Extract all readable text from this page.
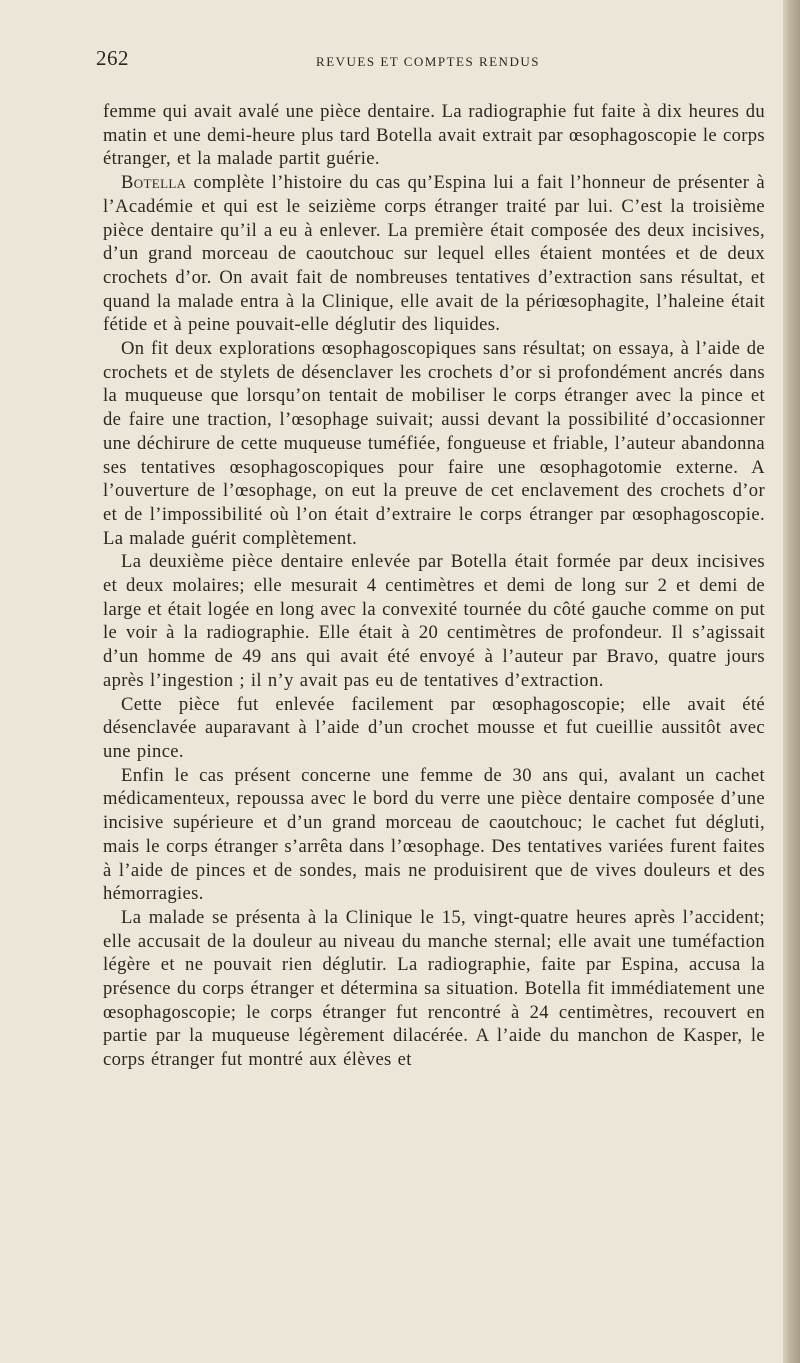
262	REVUES ET COMPTES RENDUS

femme qui avait avalé une pièce dentaire. La radiographie fut faite à dix heures du matin et une demi-heure plus tard Botella avait extrait par œsophagoscopie le corps étranger, et la malade partit guérie.

Botella complète l’histoire du cas qu’Espina lui a fait l’honneur de présenter à l’Académie et qui est le seizième corps étranger traité par lui. C’est la troisième pièce dentaire qu’il a eu à enlever. La première était composée des deux incisives, d’un grand morceau de caoutchouc sur lequel elles étaient montées et de deux crochets d’or. On avait fait de nombreuses tentatives d’extraction sans résultat, et quand la malade entra à la Clinique, elle avait de la périœsophagite, l’haleine était fétide et à peine pouvait-elle déglutir des liquides.

On fit deux explorations œsophagoscopiques sans résultat; on essaya, à l’aide de crochets et de stylets de désenclaver les crochets d’or si profondément ancrés dans la muqueuse que lorsqu’on tentait de mobiliser le corps étranger avec la pince et de faire une traction, l’œsophage suivait; aussi devant la possibilité d’occasionner une déchirure de cette muqueuse tuméfiée, fongueuse et friable, l’auteur abandonna ses tentatives œsophagoscopiques pour faire une œsophagotomie externe. A l’ouverture de l’œsophage, on eut la preuve de cet enclavement des crochets d’or et de l’impossibilité où l’on était d’extraire le corps étranger par œsophagoscopie. La malade guérit complètement.

La deuxième pièce dentaire enlevée par Botella était formée par deux incisives et deux molaires; elle mesurait 4 centimètres et demi de long sur 2 et demi de large et était logée en long avec la convexité tournée du côté gauche comme on put le voir à la radiographie. Elle était à 20 centimètres de profondeur. Il s’agissait d’un homme de 49 ans qui avait été envoyé à l’auteur par Bravo, quatre jours après l’ingestion ; il n’y avait pas eu de tentatives d’extraction.

Cette pièce fut enlevée facilement par œsophagoscopie; elle avait été désenclavée auparavant à l’aide d’un crochet mousse et fut cueillie aussitôt avec une pince.

Enfin le cas présent concerne une femme de 30 ans qui, avalant un cachet médicamenteux, repoussa avec le bord du verre une pièce dentaire composée d’une incisive supérieure et d’un grand morceau de caoutchouc; le cachet fut dégluti, mais le corps étranger s’arrêta dans l’œsophage. Des tentatives variées furent faites à l’aide de pinces et de sondes, mais ne produisirent que de vives douleurs et des hémorragies.

La malade se présenta à la Clinique le 15, vingt-quatre heures après l’accident; elle accusait de la douleur au niveau du manche sternal; elle avait une tuméfaction légère et ne pouvait rien déglutir. La radiographie, faite par Espina, accusa la présence du corps étranger et détermina sa situation. Botella fit immédiatement une œsophagoscopie; le corps étranger fut rencontré à 24 centimètres, recouvert en partie par la muqueuse légèrement dilacérée. A l’aide du manchon de Kasper, le corps étranger fut montré aux élèves et
